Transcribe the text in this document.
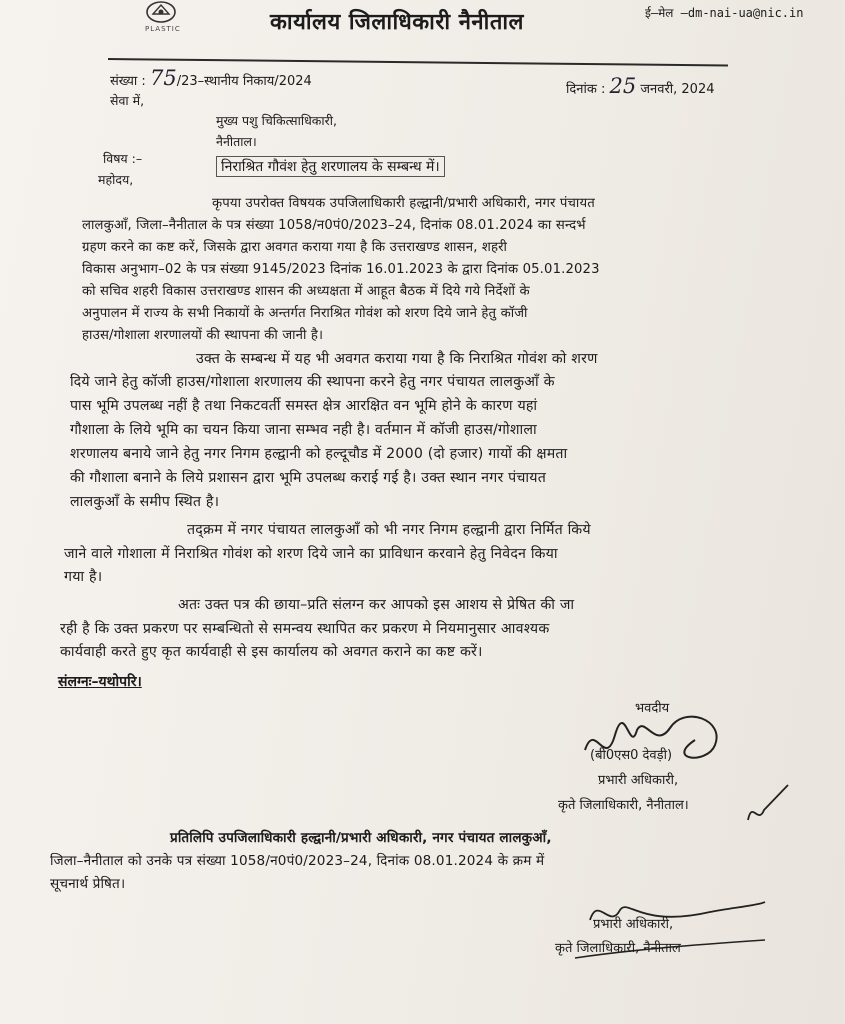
PLASTIC	कार्यालय जिलाधिकारी नैनीताल	ई–मेल –dm-nai-ua@nic.in
संख्या : 75/23–स्थानीय निकाय/2024
दिनांक : 25 जनवरी, 2024
सेवा में,
मुख्य पशु चिकित्साधिकारी,
नैनीताल।
विषय :–
निराश्रित गौवंश हेतु शरणालय के सम्बन्ध में।
महोदय,
कृपया उपरोक्त विषयक उपजिलाधिकारी हल्द्वानी/प्रभारी अधिकारी, नगर पंचायत
लालकुआँ, जिला–नैनीताल के पत्र संख्या 1058/न0पं0/2023–24, दिनांक 08.01.2024 का सन्दर्भ
ग्रहण करने का कष्ट करें, जिसके द्वारा अवगत कराया गया है कि उत्तराखण्ड शासन, शहरी
विकास अनुभाग–02 के पत्र संख्या 9145/2023 दिनांक 16.01.2023 के द्वारा दिनांक 05.01.2023
को सचिव शहरी विकास उत्तराखण्ड शासन की अध्यक्षता में आहूत बैठक में दिये गये निर्देशों के
अनुपालन में राज्य के सभी निकायों के अन्तर्गत निराश्रित गोवंश को शरण दिये जाने हेतु कॉजी
हाउस/गोशाला शरणालयों की स्थापना की जानी है।
उक्त के सम्बन्ध में यह भी अवगत कराया गया है कि निराश्रित गोवंश को शरण
दिये जाने हेतु कॉजी हाउस/गोशाला शरणालय की स्थापना करने हेतु नगर पंचायत लालकुआँ के
पास भूमि उपलब्ध नहीं है तथा निकटवर्ती समस्त क्षेत्र आरक्षित वन भूमि होने के कारण यहां
गौशाला के लिये भूमि का चयन किया जाना सम्भव नही है। वर्तमान में कॉजी हाउस/गोशाला
शरणालय बनाये जाने हेतु नगर निगम हल्द्वानी को हल्दूचौड में 2000 (दो हजार) गायों की क्षमता
की गौशाला बनाने के लिये प्रशासन द्वारा भूमि उपलब्ध कराई गई है। उक्त स्थान नगर पंचायत
लालकुआँ के समीप स्थित है।
तद्क्रम में नगर पंचायत लालकुआँ को भी नगर निगम हल्द्वानी द्वारा निर्मित किये
जाने वाले गोशाला में निराश्रित गोवंश को शरण दिये जाने का प्राविधान करवाने हेतु निवेदन किया
गया है।
अतः उक्त पत्र की छाया–प्रति संलग्न कर आपको इस आशय से प्रेषित की जा
रही है कि उक्त प्रकरण पर सम्बन्धितो से समन्वय स्थापित कर प्रकरण मे नियमानुसार आवश्यक
कार्यवाही करते हुए कृत कार्यवाही से इस कार्यालय को अवगत कराने का कष्ट करें।
संलग्नः–यथोपरि।
भवदीय
(बी0एस0 देवड़ी)
प्रभारी अधिकारी,
कृते जिलाधिकारी, नैनीताल।
प्रतिलिपि उपजिलाधिकारी हल्द्वानी/प्रभारी अधिकारी, नगर पंचायत लालकुआँ,
जिला–नैनीताल को उनके पत्र संख्या 1058/न0पं0/2023–24, दिनांक 08.01.2024 के क्रम में
सूचनार्थ प्रेषित।
प्रभारी अधिकारी,
कृते जिलाधिकारी, नैनीताल
